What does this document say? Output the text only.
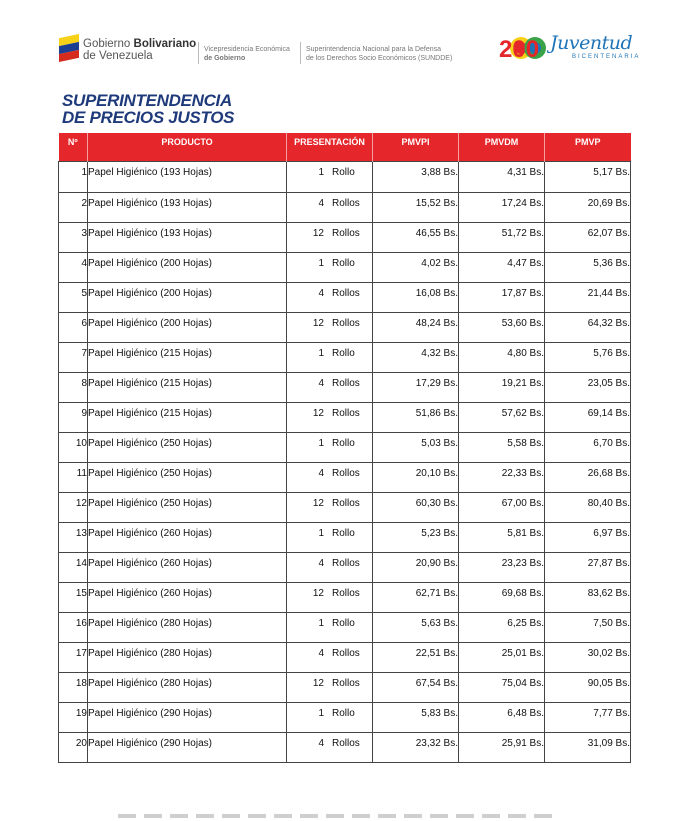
Gobierno Bolivariano
de Venezuela
Vicepresidencia Económica
de Gobierno
Superintendencia Nacional para la Defensa
de los Derechos Socio Económicos (SUNDDE) 200 Juventud
BICENTENARIA
SUPERINTENDENCIA
DE PRECIOS JUSTOS
Nº	PRODUCTO	PRESENTACIÓN	PMVPI	PMVDM	PMVP
1	Papel Higiénico (193 Hojas)	1 Rollo	3,88 Bs.	4,31 Bs.	5,17 Bs.
2	Papel Higiénico (193 Hojas)	4 Rollos	15,52 Bs.	17,24 Bs.	20,69 Bs.
3	Papel Higiénico (193 Hojas)	12 Rollos	46,55 Bs.	51,72 Bs.	62,07 Bs.
4	Papel Higiénico (200 Hojas)	1 Rollo	4,02 Bs.	4,47 Bs.	5,36 Bs.
5	Papel Higiénico (200 Hojas)	4 Rollos	16,08 Bs.	17,87 Bs.	21,44 Bs.
6	Papel Higiénico (200 Hojas)	12 Rollos	48,24 Bs.	53,60 Bs.	64,32 Bs.
7	Papel Higiénico (215 Hojas)	1 Rollo	4,32 Bs.	4,80 Bs.	5,76 Bs.
8	Papel Higiénico (215 Hojas)	4 Rollos	17,29 Bs.	19,21 Bs.	23,05 Bs.
9	Papel Higiénico (215 Hojas)	12 Rollos	51,86 Bs.	57,62 Bs.	69,14 Bs.
10	Papel Higiénico (250 Hojas)	1 Rollo	5,03 Bs.	5,58 Bs.	6,70 Bs.
11	Papel Higiénico (250 Hojas)	4 Rollos	20,10 Bs.	22,33 Bs.	26,68 Bs.
12	Papel Higiénico (250 Hojas)	12 Rollos	60,30 Bs.	67,00 Bs.	80,40 Bs.
13	Papel Higiénico (260 Hojas)	1 Rollo	5,23 Bs.	5,81 Bs.	6,97 Bs.
14	Papel Higiénico (260 Hojas)	4 Rollos	20,90 Bs.	23,23 Bs.	27,87 Bs.
15	Papel Higiénico (260 Hojas)	12 Rollos	62,71 Bs.	69,68 Bs.	83,62 Bs.
16	Papel Higiénico (280 Hojas)	1 Rollo	5,63 Bs.	6,25 Bs.	7,50 Bs.
17	Papel Higiénico (280 Hojas)	4 Rollos	22,51 Bs.	25,01 Bs.	30,02 Bs.
18	Papel Higiénico (280 Hojas)	12 Rollos	67,54 Bs.	75,04 Bs.	90,05 Bs.
19	Papel Higiénico (290 Hojas)	1 Rollo	5,83 Bs.	6,48 Bs.	7,77 Bs.
20	Papel Higiénico (290 Hojas)	4 Rollos	23,32 Bs.	25,91 Bs.	31,09 Bs.
